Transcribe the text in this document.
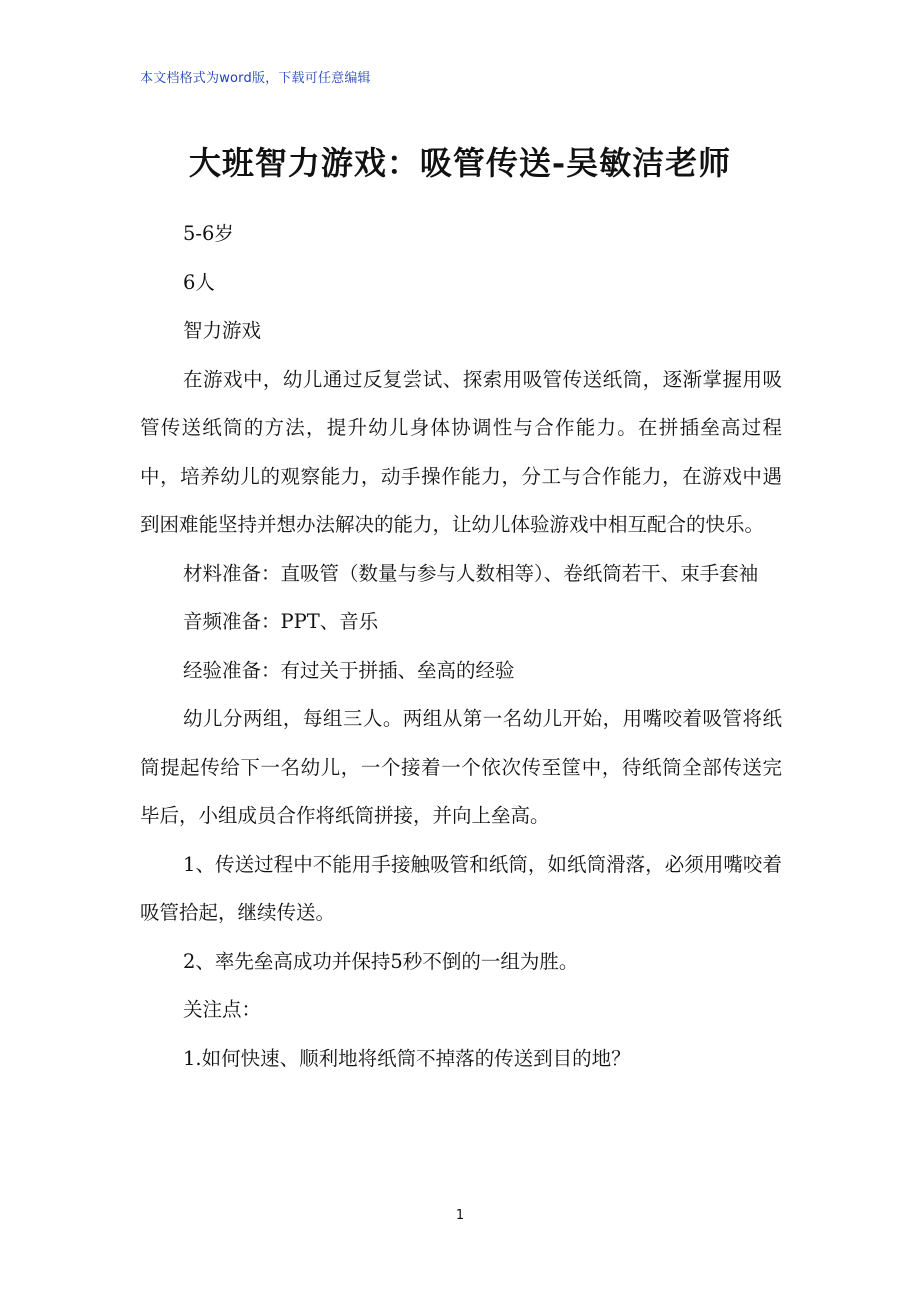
本文档格式为word版，下载可任意编辑
大班智力游戏：吸管传送-吴敏洁老师

5-6岁

6人

智力游戏

在游戏中，幼儿通过反复尝试、探索用吸管传送纸筒，逐渐掌握用吸管传送纸筒的方法，提升幼儿身体协调性与合作能力。在拼插垒高过程中，培养幼儿的观察能力，动手操作能力，分工与合作能力，在游戏中遇到困难能坚持并想办法解决的能力，让幼儿体验游戏中相互配合的快乐。

材料准备：直吸管（数量与参与人数相等）、卷纸筒若干、束手套袖

音频准备：PPT、音乐

经验准备：有过关于拼插、垒高的经验

幼儿分两组，每组三人。两组从第一名幼儿开始，用嘴咬着吸管将纸筒提起传给下一名幼儿，一个接着一个依次传至筐中，待纸筒全部传送完毕后，小组成员合作将纸筒拼接，并向上垒高。

1、传送过程中不能用手接触吸管和纸筒，如纸筒滑落，必须用嘴咬着吸管拾起，继续传送。

2、率先垒高成功并保持5秒不倒的一组为胜。

关注点：

1.如何快速、顺利地将纸筒不掉落的传送到目的地？

1
